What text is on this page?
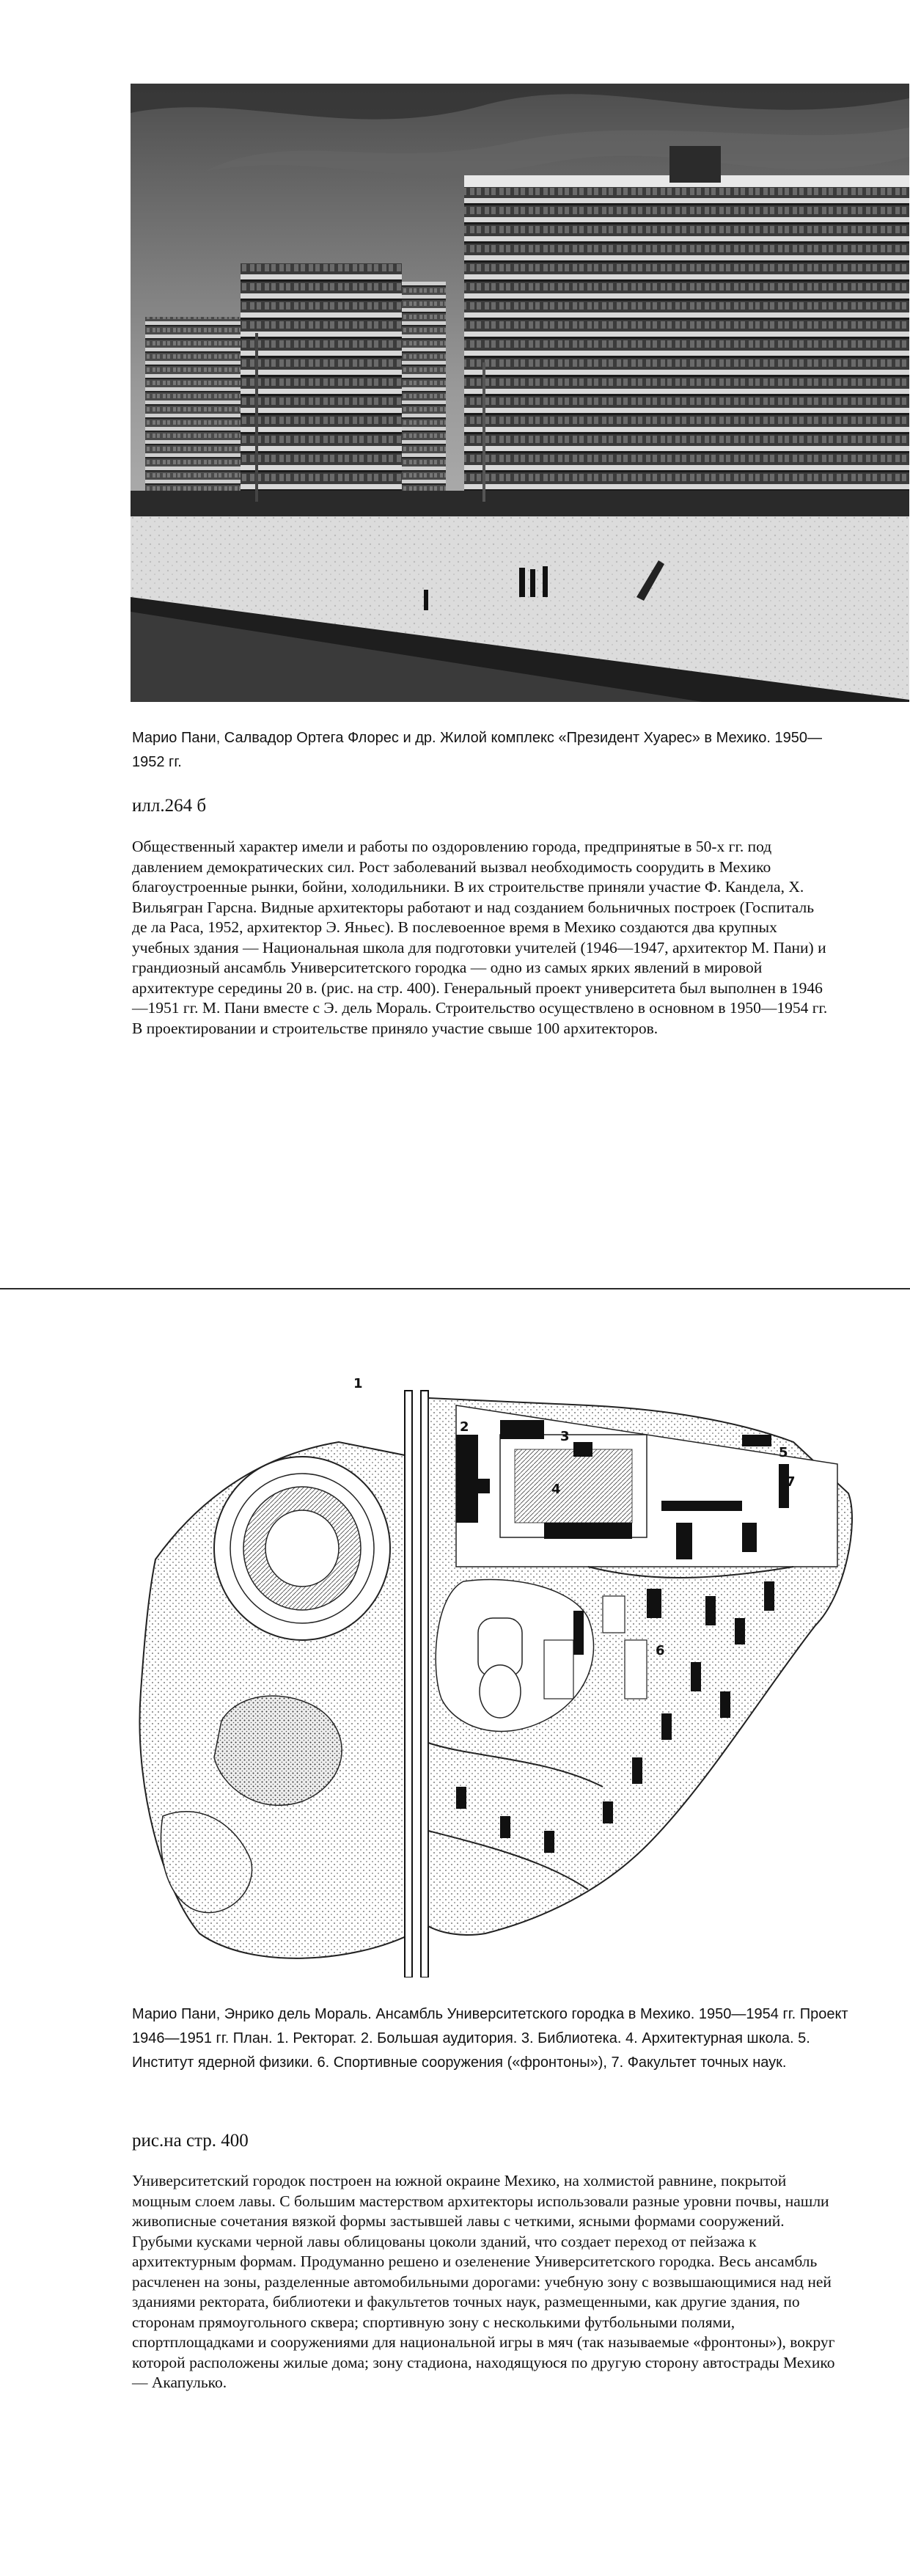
Марио Пани, Салвадор Ортега Флорес и др. Жилой комплекс «Президент Хуарес» в Мехико. 1950— 1952 гг.
илл.264 б
Общественный характер имели и работы по оздоровлению города, предпринятые в 50-х гг. под давлением демократических сил. Рост заболеваний вызвал необходимость соорудить в Мехико благоустроенные рынки, бойни, холодильники. В их строительстве приняли участие Ф. Кандела, X. Вильягран Гарсна. Видные архитекторы работают и над созданием больничных построек (Госпиталь де ла Раса, 1952, архитектор Э. Яньес). В послевоенное время в Мехико создаются два крупных учебных здания — Национальная школа для подготовки учителей (1946—1947, архитектор М. Пани) и грандиозный ансамбль Университетского городка — одно из самых ярких явлений в мировой архитектуре середины 20 в. (рис. на стр. 400). Генеральный проект университета был выполнен в 1946—1951 гг. М. Пани вместе с Э. дель Мораль. Строительство осуществлено в основном в 1950—1954 гг. В проектировании и строительстве приняло участие свыше 100 архитекторов.
1
2
3
4
5
6
7
Марио Пани, Энрико дель Мораль. Ансамбль Университетского городка в Мехико. 1950—1954 гг. Проект 1946—1951 гг. План. 1. Ректорат. 2. Большая аудитория. 3. Библиотека. 4. Архитектурная школа. 5. Институт ядерной физики. 6. Спортивные сооружения («фронтоны»), 7. Факультет точных наук.
рис.на стр. 400
Университетский городок построен на южной окраине Мехико, на холмистой равнине, покрытой мощным слоем лавы. С большим мастерством архитекторы использовали разные уровни почвы, нашли живописные сочетания вязкой формы застывшей лавы с четкими, ясными формами сооружений. Грубыми кусками черной лавы облицованы цоколи зданий, что создает переход от пейзажа к архитектурным формам. Продуманно решено и озеленение Университетского городка. Весь ансамбль расчленен на зоны, разделенные автомобильными дорогами: учебную зону с возвышающимися над ней зданиями ректората, библиотеки и факультетов точных наук, размещенными, как другие здания, по сторонам прямоугольного сквера; спортивную зону с несколькими футбольными полями, спортплощадками и сооружениями для национальной игры в мяч (так называемые «фронтоны»), вокруг которой расположены жилые дома; зону стадиона, находящуюся по другую сторону автострады Мехико — Акапулько.
